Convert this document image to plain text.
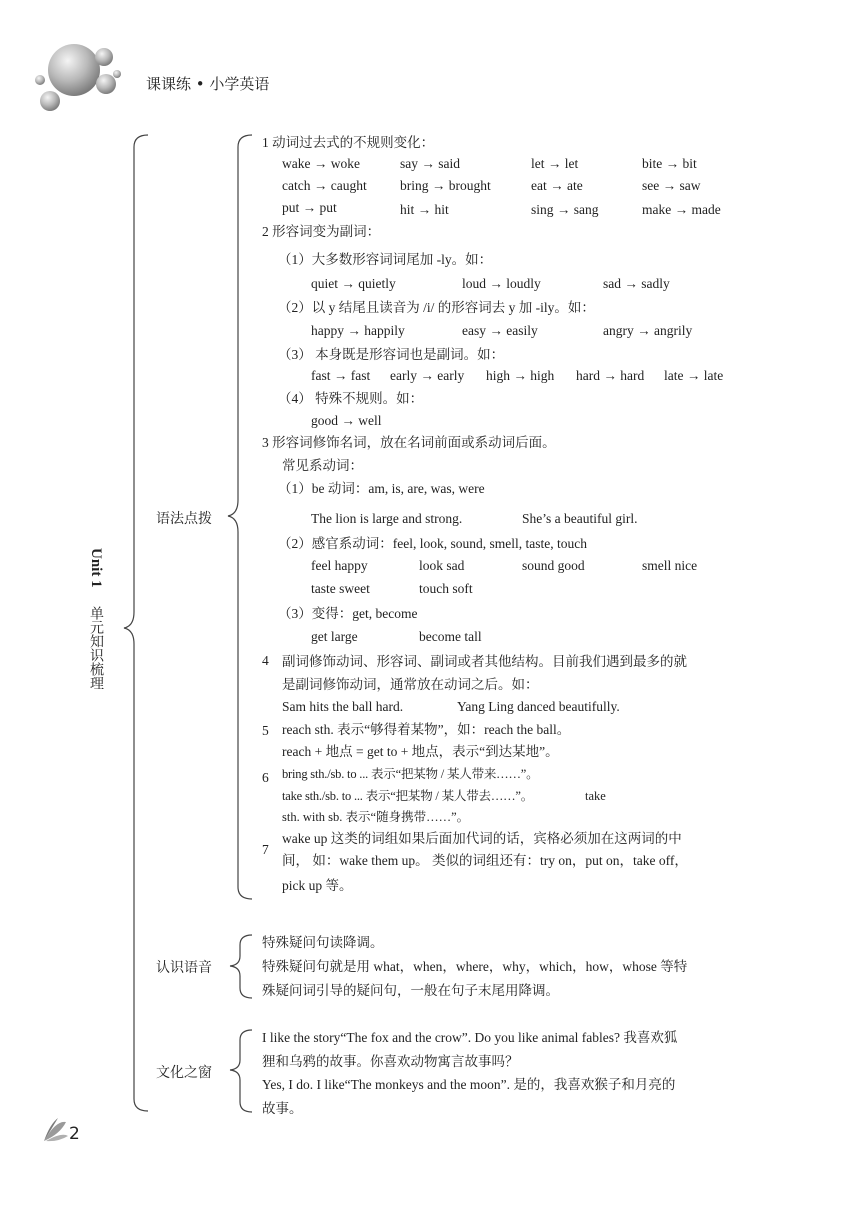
课课练 • 小学英语
Unit 1 单元知识梳理
语法点拨
认识语音
文化之窗
1 动词过去式的不规则变化：
wake → woke	say → said	let → let	bite → bit
catch → caught bring → brought	eat → ate	see → saw
put → put	hit → hit	sing → sang	make → made
2 形容词变为副词：
（1）大多数形容词词尾加 -ly。如：
quiet → quietly	loud → loudly	sad → sadly
（2）以 y 结尾且读音为 /i/ 的形容词去 y 加 -ily。如：
happy → happily	easy → easily	angry → angrily
（3） 本身既是形容词也是副词。如：
fast → fast early → early high → high hard → hard late → late
（4） 特殊不规则。如：
good → well
3 形容词修饰名词，放在名词前面或系动词后面。
常见系动词：
（1）be 动词：am, is, are, was, were
The lion is large and strong.	She’s a beautiful girl.
（2）感官系动词：feel, look, sound, smell, taste, touch
feel happy	look sad	sound good	smell nice
taste sweet	touch soft
（3）变得：get, become
get large	become tall
4 副词修饰动词、形容词、副词或者其他结构。目前我们遇到最多的就
是副词修饰动词，通常放在动词之后。如：
Sam hits the ball hard.	Yang Ling danced beautifully.
5 reach sth. 表示“够得着某物”，如：reach the ball。
reach + 地点 = get to + 地点，表示“到达某地”。
6 bring sth./sb. to ... 表示“把某物 / 某人带来……”。
take sth./sb. to ... 表示“把某物 / 某人带去……”。	take
sth. with sb. 表示“随身携带……”。
7
wake up 这类的词组如果后面加代词的话，宾格必须加在这两词的中
间， 如：wake them up。 类似的词组还有：try on，put on，take off，
pick up 等。
特殊疑问句读降调。
特殊疑问句就是用 what，when，where，why，which，how，whose 等特
殊疑问词引导的疑问句，一般在句子末尾用降调。
I like the story“The fox and the crow”. Do you like animal fables? 我喜欢狐
狸和乌鸦的故事。你喜欢动物寓言故事吗？
Yes, I do. I like“The monkeys and the moon”. 是的，我喜欢猴子和月亮的
故事。
2
